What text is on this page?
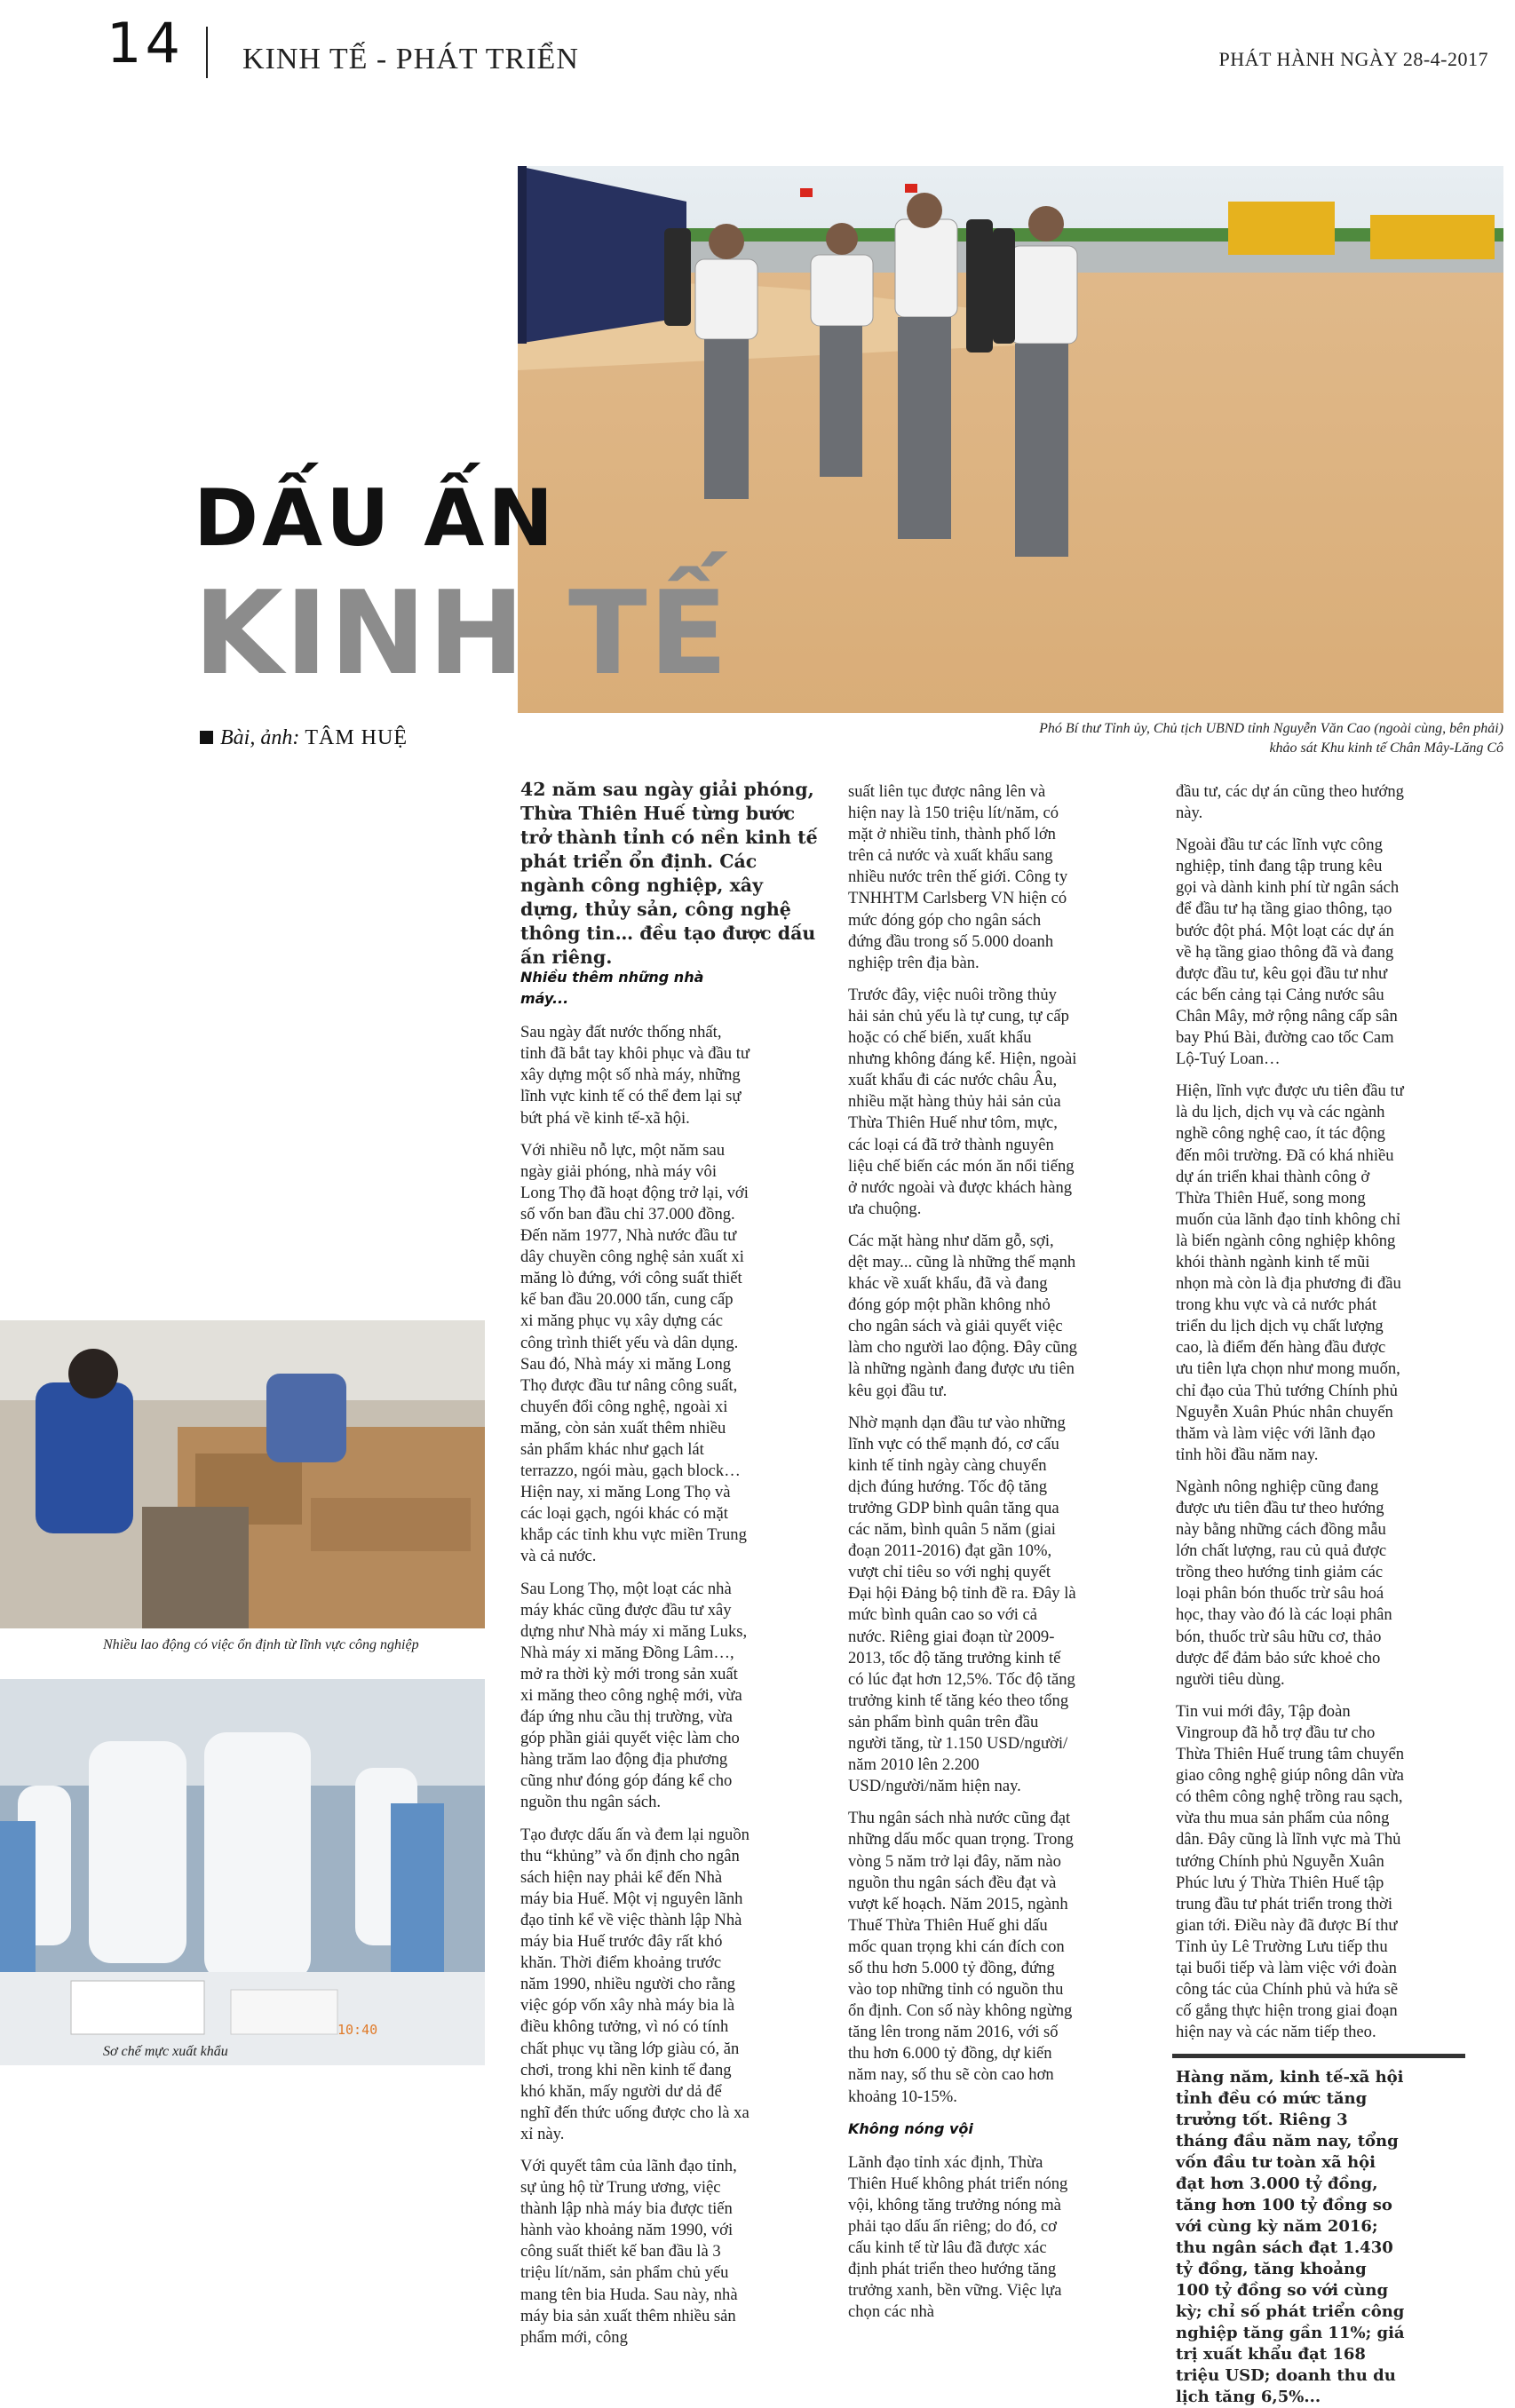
14 KINH TẾ - PHÁT TRIỂN	PHÁT HÀNH NGÀY 28-4-2017
DẤU ẤN
KINH TẾ
Bài, ảnh: TÂM HUỆ	Phó Bí thư Tỉnh ủy, Chủ tịch UBND tỉnh Nguyễn Văn Cao (ngoài cùng, bên phải) khảo sát Khu kinh tế Chân Mây-Lăng Cô
42 năm sau ngày giải phóng, Thừa Thiên Huế từng bước trở thành tỉnh có nền kinh tế phát triển ổn định. Các ngành công nghiệp, xây dựng, thủy sản, công nghệ thông tin… đều tạo được dấu ấn riêng.
Nhiều thêm những nhà máy...

Sau ngày đất nước thống nhất, tỉnh đã bắt tay khôi phục và đầu tư xây dựng một số nhà máy, những lĩnh vực kinh tế có thể đem lại sự bứt phá về kinh tế-xã hội.

Với nhiều nỗ lực, một năm sau ngày giải phóng, nhà máy vôi Long Thọ đã hoạt động trở lại, với số vốn ban đầu chỉ 37.000 đồng. Đến năm 1977, Nhà nước đầu tư dây chuyền công nghệ sản xuất xi măng lò đứng, với công suất thiết kế ban đầu 20.000 tấn, cung cấp xi măng phục vụ xây dựng các công trình thiết yếu và dân dụng. Sau đó, Nhà máy xi măng Long Thọ được đầu tư nâng công suất, chuyển đổi công nghệ, ngoài xi măng, còn sản xuất thêm nhiều sản phẩm khác như gạch lát terrazzo, ngói màu, gạch block… Hiện nay, xi măng Long Thọ và các loại gạch, ngói khác có mặt khắp các tỉnh khu vực miền Trung và cả nước.

Sau Long Thọ, một loạt các nhà máy khác cũng được đầu tư xây dựng như Nhà máy xi măng Luks, Nhà máy xi măng Đồng Lâm…, mở ra thời kỳ mới trong sản xuất xi măng theo công nghệ mới, vừa đáp ứng nhu cầu thị trường, vừa góp phần giải quyết việc làm cho hàng trăm lao động địa phương cũng như đóng góp đáng kể cho nguồn thu ngân sách.

Tạo được dấu ấn và đem lại nguồn thu “khủng” và ổn định cho ngân sách hiện nay phải kể đến Nhà máy bia Huế. Một vị nguyên lãnh đạo tỉnh kể về việc thành lập Nhà máy bia Huế trước đây rất khó khăn. Thời điểm khoảng trước năm 1990, nhiều người cho rằng việc góp vốn xây nhà máy bia là điều không tưởng, vì nó có tính chất phục vụ tầng lớp giàu có, ăn chơi, trong khi nền kinh tế đang khó khăn, mấy người dư dả để nghĩ đến thức uống được cho là xa xỉ này.

Với quyết tâm của lãnh đạo tỉnh, sự ủng hộ từ Trung ương, việc thành lập nhà máy bia được tiến hành vào khoảng năm 1990, với công suất thiết kế ban đầu là 3 triệu lít/năm, sản phẩm chủ yếu mang tên bia Huda. Sau này, nhà máy bia sản xuất thêm nhiều sản phẩm mới, công

suất liên tục được nâng lên và hiện nay là 150 triệu lít/năm, có mặt ở nhiều tỉnh, thành phố lớn trên cả nước và xuất khẩu sang nhiều nước trên thế giới. Công ty TNHHTM Carlsberg VN hiện có mức đóng góp cho ngân sách đứng đầu trong số 5.000 doanh nghiệp trên địa bàn.

Trước đây, việc nuôi trồng thủy hải sản chủ yếu là tự cung, tự cấp hoặc có chế biến, xuất khẩu nhưng không đáng kể. Hiện, ngoài xuất khẩu đi các nước châu Âu, nhiều mặt hàng thủy hải sản của Thừa Thiên Huế như tôm, mực, các loại cá đã trở thành nguyên liệu chế biến các món ăn nổi tiếng ở nước ngoài và được khách hàng ưa chuộng.

Các mặt hàng như dăm gỗ, sợi, dệt may... cũng là những thế mạnh khác về xuất khẩu, đã và đang đóng góp một phần không nhỏ cho ngân sách và giải quyết việc làm cho người lao động. Đây cũng là những ngành đang được ưu tiên kêu gọi đầu tư.

Nhờ mạnh dạn đầu tư vào những lĩnh vực có thể mạnh đó, cơ cấu kinh tế tỉnh ngày càng chuyển dịch đúng hướng. Tốc độ tăng trưởng GDP bình quân tăng qua các năm, bình quân 5 năm (giai đoạn 2011-2016) đạt gần 10%, vượt chỉ tiêu so với nghị quyết Đại hội Đảng bộ tỉnh đề ra. Đây là mức bình quân cao so với cả nước. Riêng giai đoạn từ 2009-2013, tốc độ tăng trưởng kinh tế có lúc đạt hơn 12,5%. Tốc độ tăng trưởng kinh tế tăng kéo theo tổng sản phẩm bình quân trên đầu người tăng, từ 1.150 USD/người/ năm 2010 lên 2.200 USD/người/năm hiện nay.

Thu ngân sách nhà nước cũng đạt những dấu mốc quan trọng. Trong vòng 5 năm trở lại đây, năm nào nguồn thu ngân sách đều đạt và vượt kế hoạch. Năm 2015, ngành Thuế Thừa Thiên Huế ghi dấu mốc quan trọng khi cán đích con số thu hơn 5.000 tỷ đồng, đứng vào top những tỉnh có nguồn thu ổn định. Con số này không ngừng tăng lên trong năm 2016, với số thu hơn 6.000 tỷ đồng, dự kiến năm nay, số thu sẽ còn cao hơn khoảng 10-15%.

Không nóng vội

Lãnh đạo tỉnh xác định, Thừa Thiên Huế không phát triển nóng vội, không tăng trưởng nóng mà phải tạo dấu ấn riêng; do đó, cơ cấu kinh tế từ lâu đã được xác định phát triển theo hướng tăng trưởng xanh, bền vững. Việc lựa chọn các nhà

đầu tư, các dự án cũng theo hướng này.

Ngoài đầu tư các lĩnh vực công nghiệp, tỉnh đang tập trung kêu gọi và dành kinh phí từ ngân sách để đầu tư hạ tầng giao thông, tạo bước đột phá. Một loạt các dự án về hạ tầng giao thông đã và đang được đầu tư, kêu gọi đầu tư như các bến cảng tại Cảng nước sâu Chân Mây, mở rộng nâng cấp sân bay Phú Bài, đường cao tốc Cam Lộ-Tuý Loan…

Hiện, lĩnh vực được ưu tiên đầu tư là du lịch, dịch vụ và các ngành nghề công nghệ cao, ít tác động đến môi trường. Đã có khá nhiều dự án triển khai thành công ở Thừa Thiên Huế, song mong muốn của lãnh đạo tỉnh không chỉ là biến ngành công nghiệp không khói thành ngành kinh tế mũi nhọn mà còn là địa phương đi đầu trong khu vực và cả nước phát triển du lịch dịch vụ chất lượng cao, là điểm đến hàng đầu được ưu tiên lựa chọn như mong muốn, chỉ đạo của Thủ tướng Chính phủ Nguyễn Xuân Phúc nhân chuyến thăm và làm việc với lãnh đạo tỉnh hồi đầu năm nay.

Ngành nông nghiệp cũng đang được ưu tiên đầu tư theo hướng này bằng những cách đồng mẫu lớn chất lượng, rau củ quả được trồng theo hướng tinh giảm các loại phân bón thuốc trừ sâu hoá học, thay vào đó là các loại phân bón, thuốc trừ sâu hữu cơ, thảo dược để đảm bảo sức khoẻ cho người tiêu dùng.

Tin vui mới đây, Tập đoàn Vingroup đã hỗ trợ đầu tư cho Thừa Thiên Huế trung tâm chuyển giao công nghệ giúp nông dân vừa có thêm công nghệ trồng rau sạch, vừa thu mua sản phẩm của nông dân. Đây cũng là lĩnh vực mà Thủ tướng Chính phủ Nguyễn Xuân Phúc lưu ý Thừa Thiên Huế tập trung đầu tư phát triển trong thời gian tới. Điều này đã được Bí thư Tỉnh ủy Lê Trường Lưu tiếp thu tại buổi tiếp và làm việc với đoàn công tác của Chính phủ và hứa sẽ cố gắng thực hiện trong giai đoạn hiện nay và các năm tiếp theo.

Hàng năm, kinh tế-xã hội tỉnh đều có mức tăng trưởng tốt. Riêng 3 tháng đầu năm nay, tổng vốn đầu tư toàn xã hội đạt hơn 3.000 tỷ đồng, tăng hơn 100 tỷ đồng so với cùng kỳ năm 2016; thu ngân sách đạt 1.430 tỷ đồng, tăng khoảng 100 tỷ đồng so với cùng kỳ; chỉ số phát triển công nghiệp tăng gần 11%; giá trị xuất khẩu đạt 168 triệu USD; doanh thu du lịch tăng 6,5%...
Nhiều lao động có việc ổn định từ lĩnh vực công nghiệp
10:40
Sơ chế mực xuất khẩu
